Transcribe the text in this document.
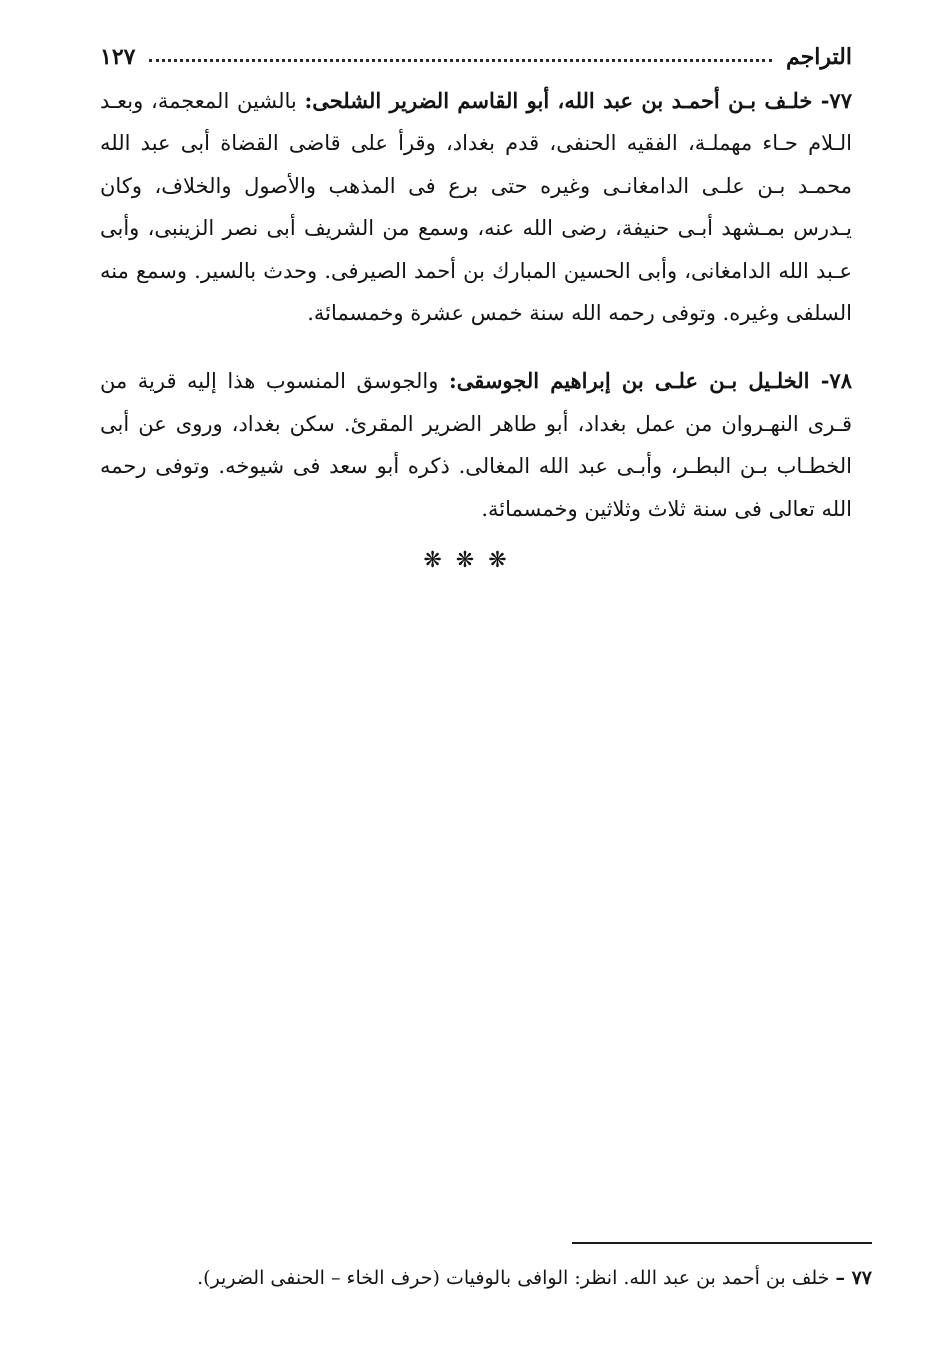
التراجم
١٢٧

٧٧- خلـف بـن أحمـد بن عبد الله، أبو القاسم الضرير الشلحى: بالشين المعجمة، وبعـد الـلام حـاء مهملـة، الفقيه الحنفى، قدم بغداد، وقرأ على قاضى القضاة أبى عبد الله محمـد بـن علـى الدامغانـى وغيره حتى برع فى المذهب والأصول والخلاف، وكان يـدرس بمـشهد أبـى حنيفة، رضى الله عنه، وسمع من الشريف أبى نصر الزينبى، وأبى عـبد الله الدامغانى، وأبى الحسين المبارك بن أحمد الصيرفى. وحدث بالسير. وسمع منه السلفى وغيره. وتوفى رحمه الله سنة خمس عشرة وخمسمائة.

٧٨- الخلـيل بـن علـى بن إبراهيم الجوسقى: والجوسق المنسوب هذا إليه قرية من قـرى النهـروان من عمل بغداد، أبو طاهر الضرير المقرئ. سكن بغداد، وروى عن أبى الخطـاب بـن البطـر، وأبـى عبد الله المغالى. ذكره أبو سعد فى شيوخه. وتوفى رحمه الله تعالى فى سنة ثلاث وثلاثين وخمسمائة.

❋❋❋

٧٧ – خلف بن أحمد بن عبد الله. انظر: الوافى بالوفيات (حرف الخاء – الحنفى الضرير).
